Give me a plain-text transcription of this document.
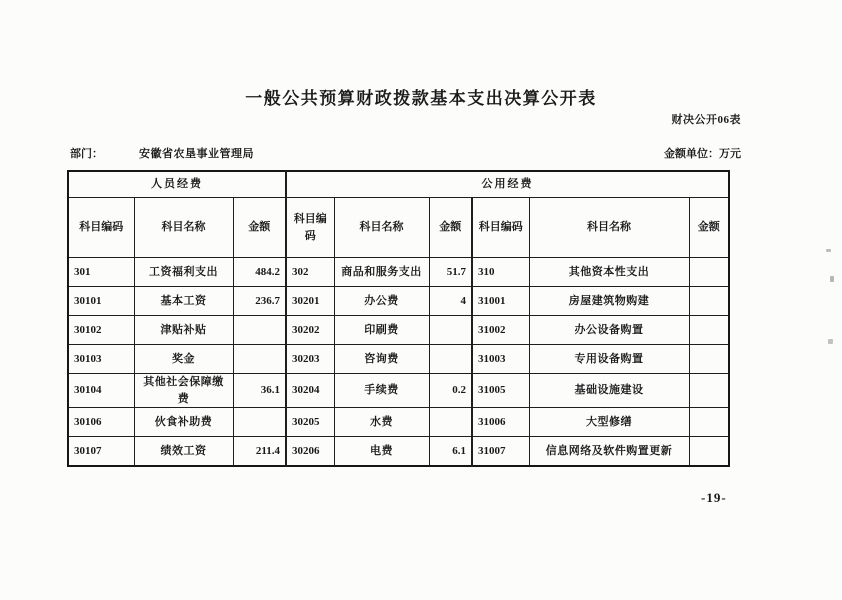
一般公共预算财政拨款基本支出决算公开表
财决公开06表
部门：	安徽省农垦事业管理局	金额单位：万元
人员经费			公用经费					
科目编码	科目名称	金额	科目编码	科目名称	金额	科目编码	科目名称	金额
301	工资福利支出	484.2	302	商品和服务支出	51.7	310	其他资本性支出	
30101	基本工资	236.7	30201	办公费	4	31001	房屋建筑物购建	
30102	津贴补贴		30202	印刷费		31002	办公设备购置	
30103	奖金		30203	咨询费		31003	专用设备购置	
30104	其他社会保障缴费	36.1	30204	手续费	0.2	31005	基础设施建设	
30106	伙食补助费		30205	水费		31006	大型修缮	
30107	绩效工资	211.4	30206	电费	6.1	31007	信息网络及软件购置更新	
-19-
